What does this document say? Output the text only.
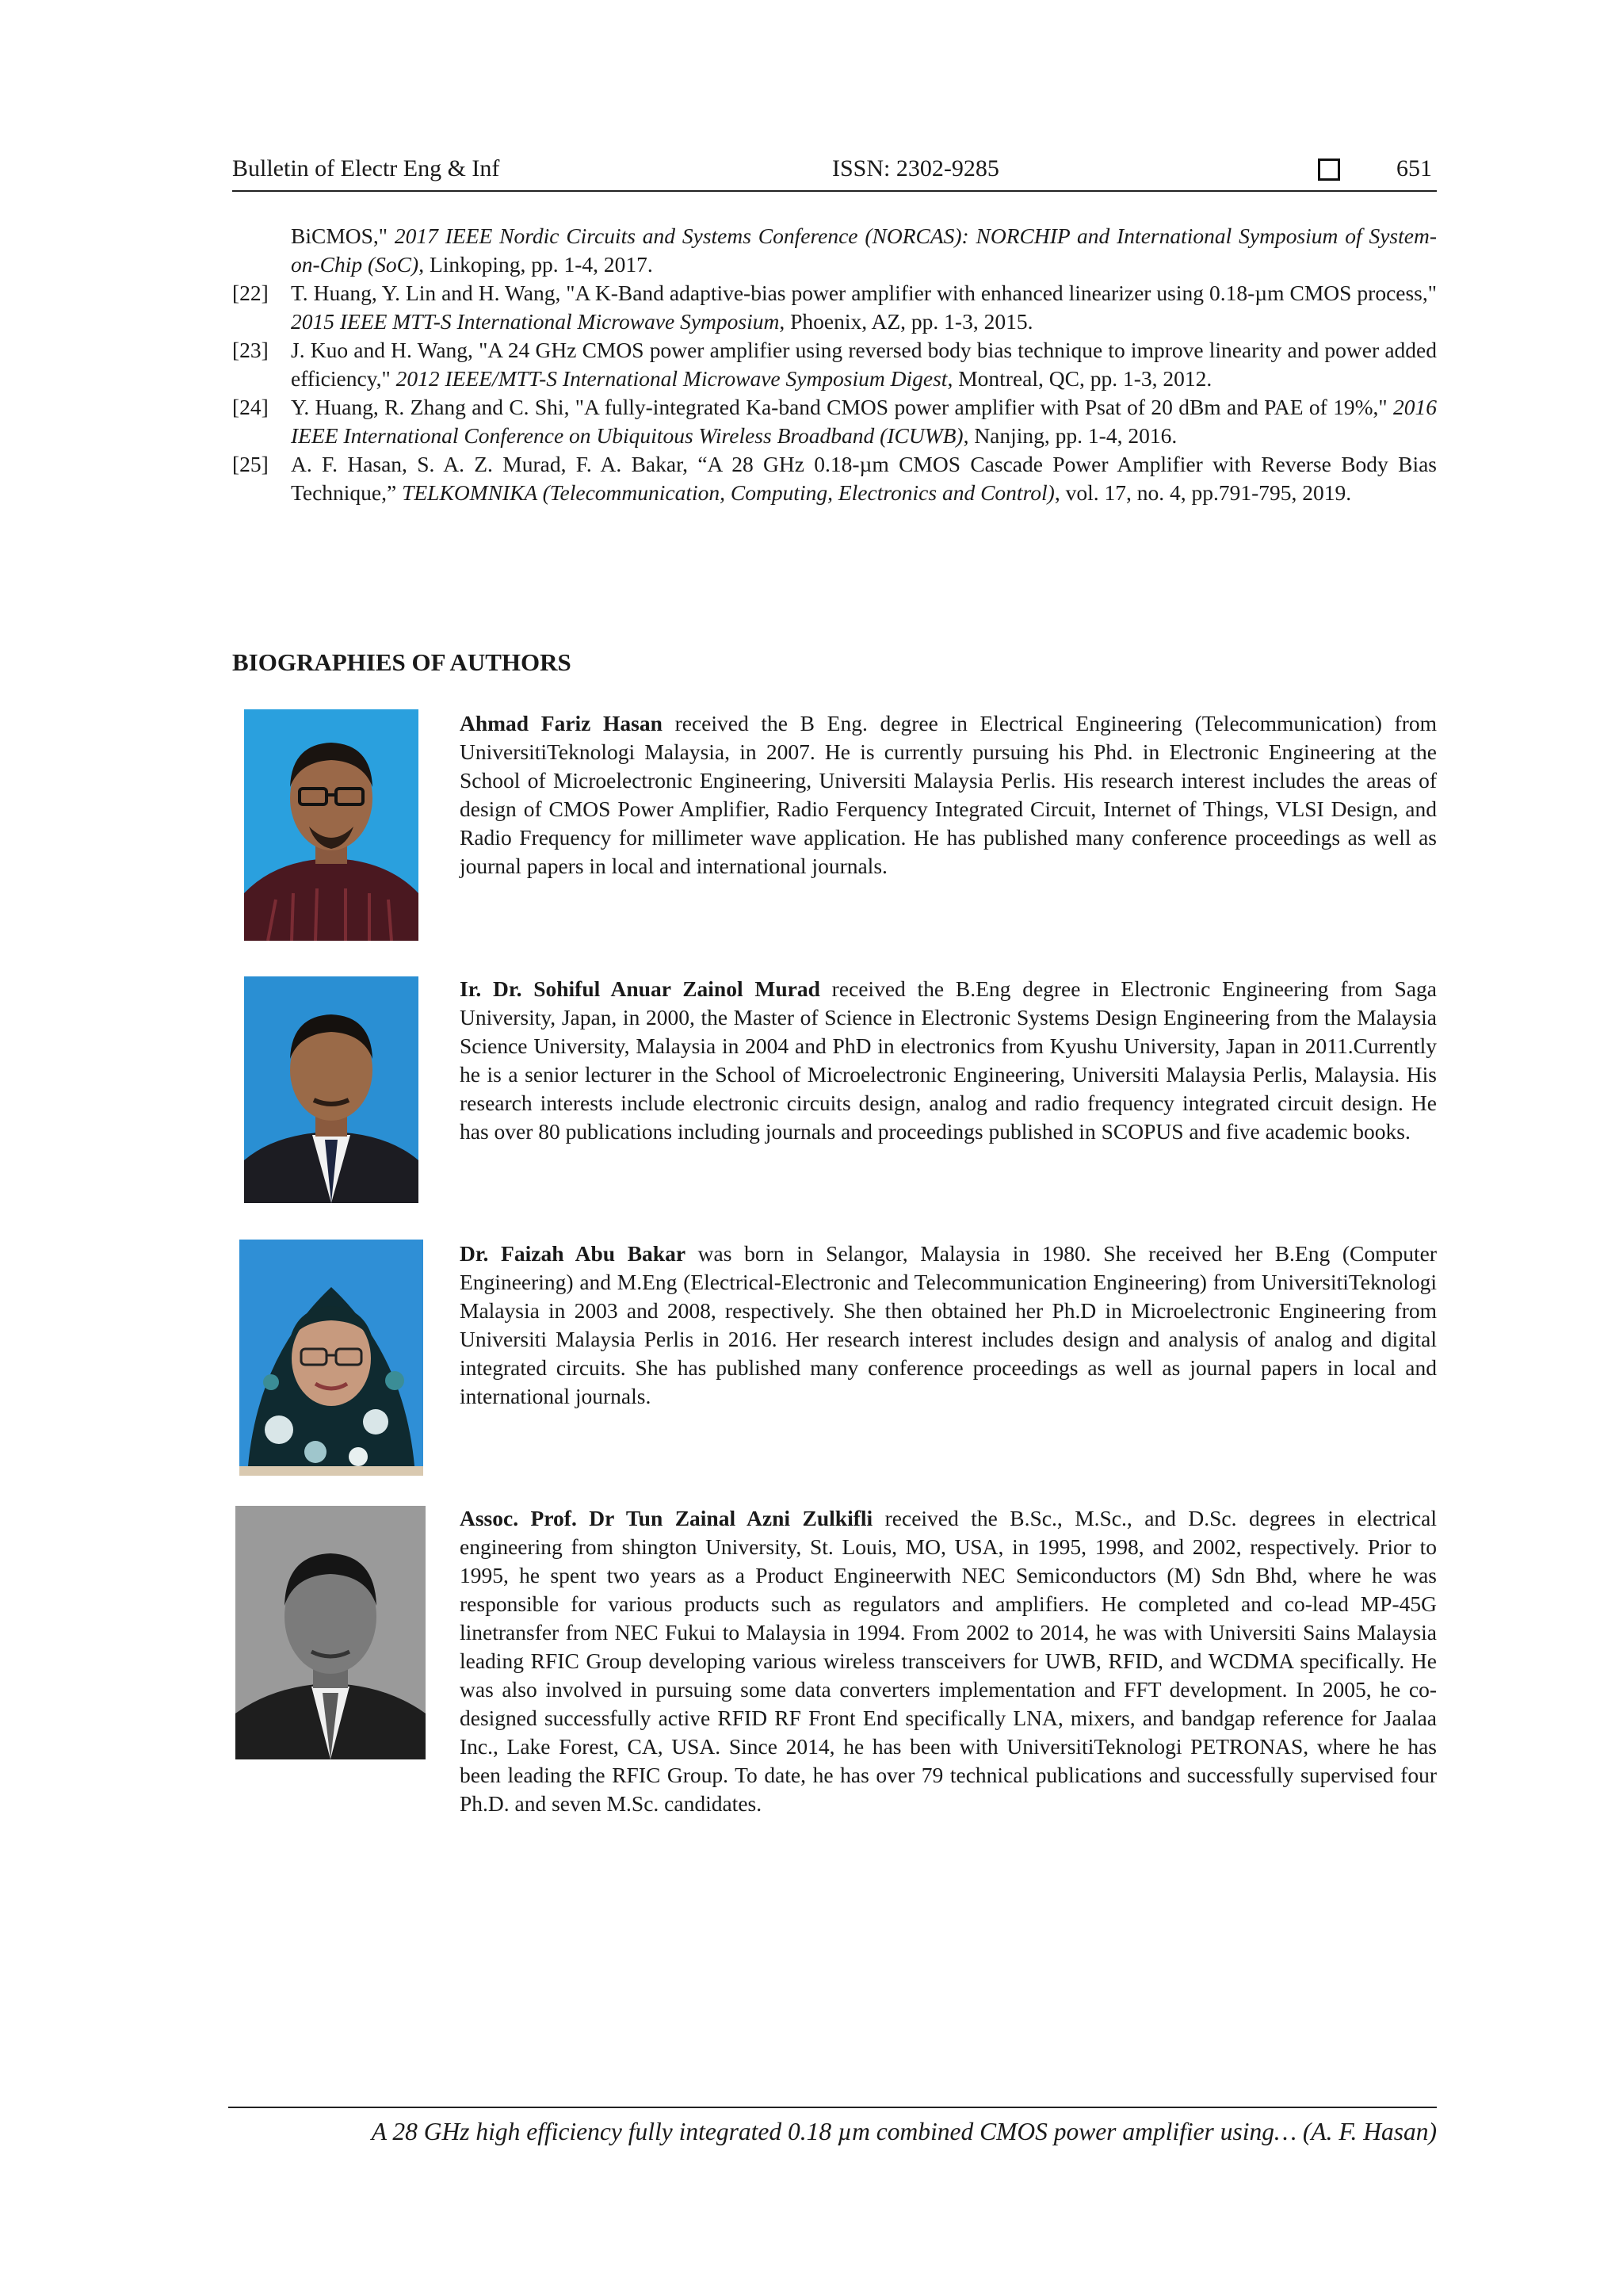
Bulletin of Electr Eng & Inf	ISSN: 2302-9285	651
BiCMOS," 2017 IEEE Nordic Circuits and Systems Conference (NORCAS): NORCHIP and International Symposium of System-on-Chip (SoC), Linkoping, pp. 1-4, 2017.
[22] T. Huang, Y. Lin and H. Wang, "A K-Band adaptive-bias power amplifier with enhanced linearizer using 0.18-µm CMOS process," 2015 IEEE MTT-S International Microwave Symposium, Phoenix, AZ, pp. 1-3, 2015.
[23] J. Kuo and H. Wang, "A 24 GHz CMOS power amplifier using reversed body bias technique to improve linearity and power added efficiency," 2012 IEEE/MTT-S International Microwave Symposium Digest, Montreal, QC, pp. 1-3, 2012.
[24] Y. Huang, R. Zhang and C. Shi, "A fully-integrated Ka-band CMOS power amplifier with Psat of 20 dBm and PAE of 19%," 2016 IEEE International Conference on Ubiquitous Wireless Broadband (ICUWB), Nanjing, pp. 1-4, 2016.
[25] A. F. Hasan, S. A. Z. Murad, F. A. Bakar, “A 28 GHz 0.18-µm CMOS Cascade Power Amplifier with Reverse Body Bias Technique,” TELKOMNIKA (Telecommunication, Computing, Electronics and Control), vol. 17, no. 4, pp.791-795, 2019.
BIOGRAPHIES OF AUTHORS
Ahmad Fariz Hasan received the B Eng. degree in Electrical Engineering (Telecommunication) from UniversitiTeknologi Malaysia, in 2007. He is currently pursuing his Phd. in Electronic Engineering at the School of Microelectronic Engineering, Universiti Malaysia Perlis. His research interest includes the areas of design of CMOS Power Amplifier, Radio Ferquency Integrated Circuit, Internet of Things, VLSI Design, and Radio Frequency for millimeter wave application. He has published many conference proceedings as well as journal papers in local and international journals.
Ir. Dr. Sohiful Anuar Zainol Murad received the B.Eng degree in Electronic Engineering from Saga University, Japan, in 2000, the Master of Science in Electronic Systems Design Engineering from the Malaysia Science University, Malaysia in 2004 and PhD in electronics from Kyushu University, Japan in 2011.Currently he is a senior lecturer in the School of Microelectronic Engineering, Universiti Malaysia Perlis, Malaysia. His research interests include electronic circuits design, analog and radio frequency integrated circuit design. He has over 80 publications including journals and proceedings published in SCOPUS and five academic books.
Dr. Faizah Abu Bakar was born in Selangor, Malaysia in 1980. She received her B.Eng (Computer Engineering) and M.Eng (Electrical-Electronic and Telecommunication Engineering) from UniversitiTeknologi Malaysia in 2003 and 2008, respectively. She then obtained her Ph.D in Microelectronic Engineering from Universiti Malaysia Perlis in 2016. Her research interest includes design and analysis of analog and digital integrated circuits. She has published many conference proceedings as well as journal papers in local and international journals.
Assoc. Prof. Dr Tun Zainal Azni Zulkifli received the B.Sc., M.Sc., and D.Sc. degrees in electrical engineering from shington University, St. Louis, MO, USA, in 1995, 1998, and 2002, respectively. Prior to 1995, he spent two years as a Product Engineerwith NEC Semiconductors (M) Sdn Bhd, where he was responsible for various products such as regulators and amplifiers. He completed and co-lead MP-45G linetransfer from NEC Fukui to Malaysia in 1994. From 2002 to 2014, he was with Universiti Sains Malaysia leading RFIC Group developing various wireless transceivers for UWB, RFID, and WCDMA specifically. He was also involved in pursuing some data converters implementation and FFT development. In 2005, he co-designed successfully active RFID RF Front End specifically LNA, mixers, and bandgap reference for Jaalaa Inc., Lake Forest, CA, USA. Since 2014, he has been with UniversitiTeknologi PETRONAS, where he has been leading the RFIC Group. To date, he has over 79 technical publications and successfully supervised four Ph.D. and seven M.Sc. candidates.
A 28 GHz high efficiency fully integrated 0.18 µm combined CMOS power amplifier using… (A. F. Hasan)
